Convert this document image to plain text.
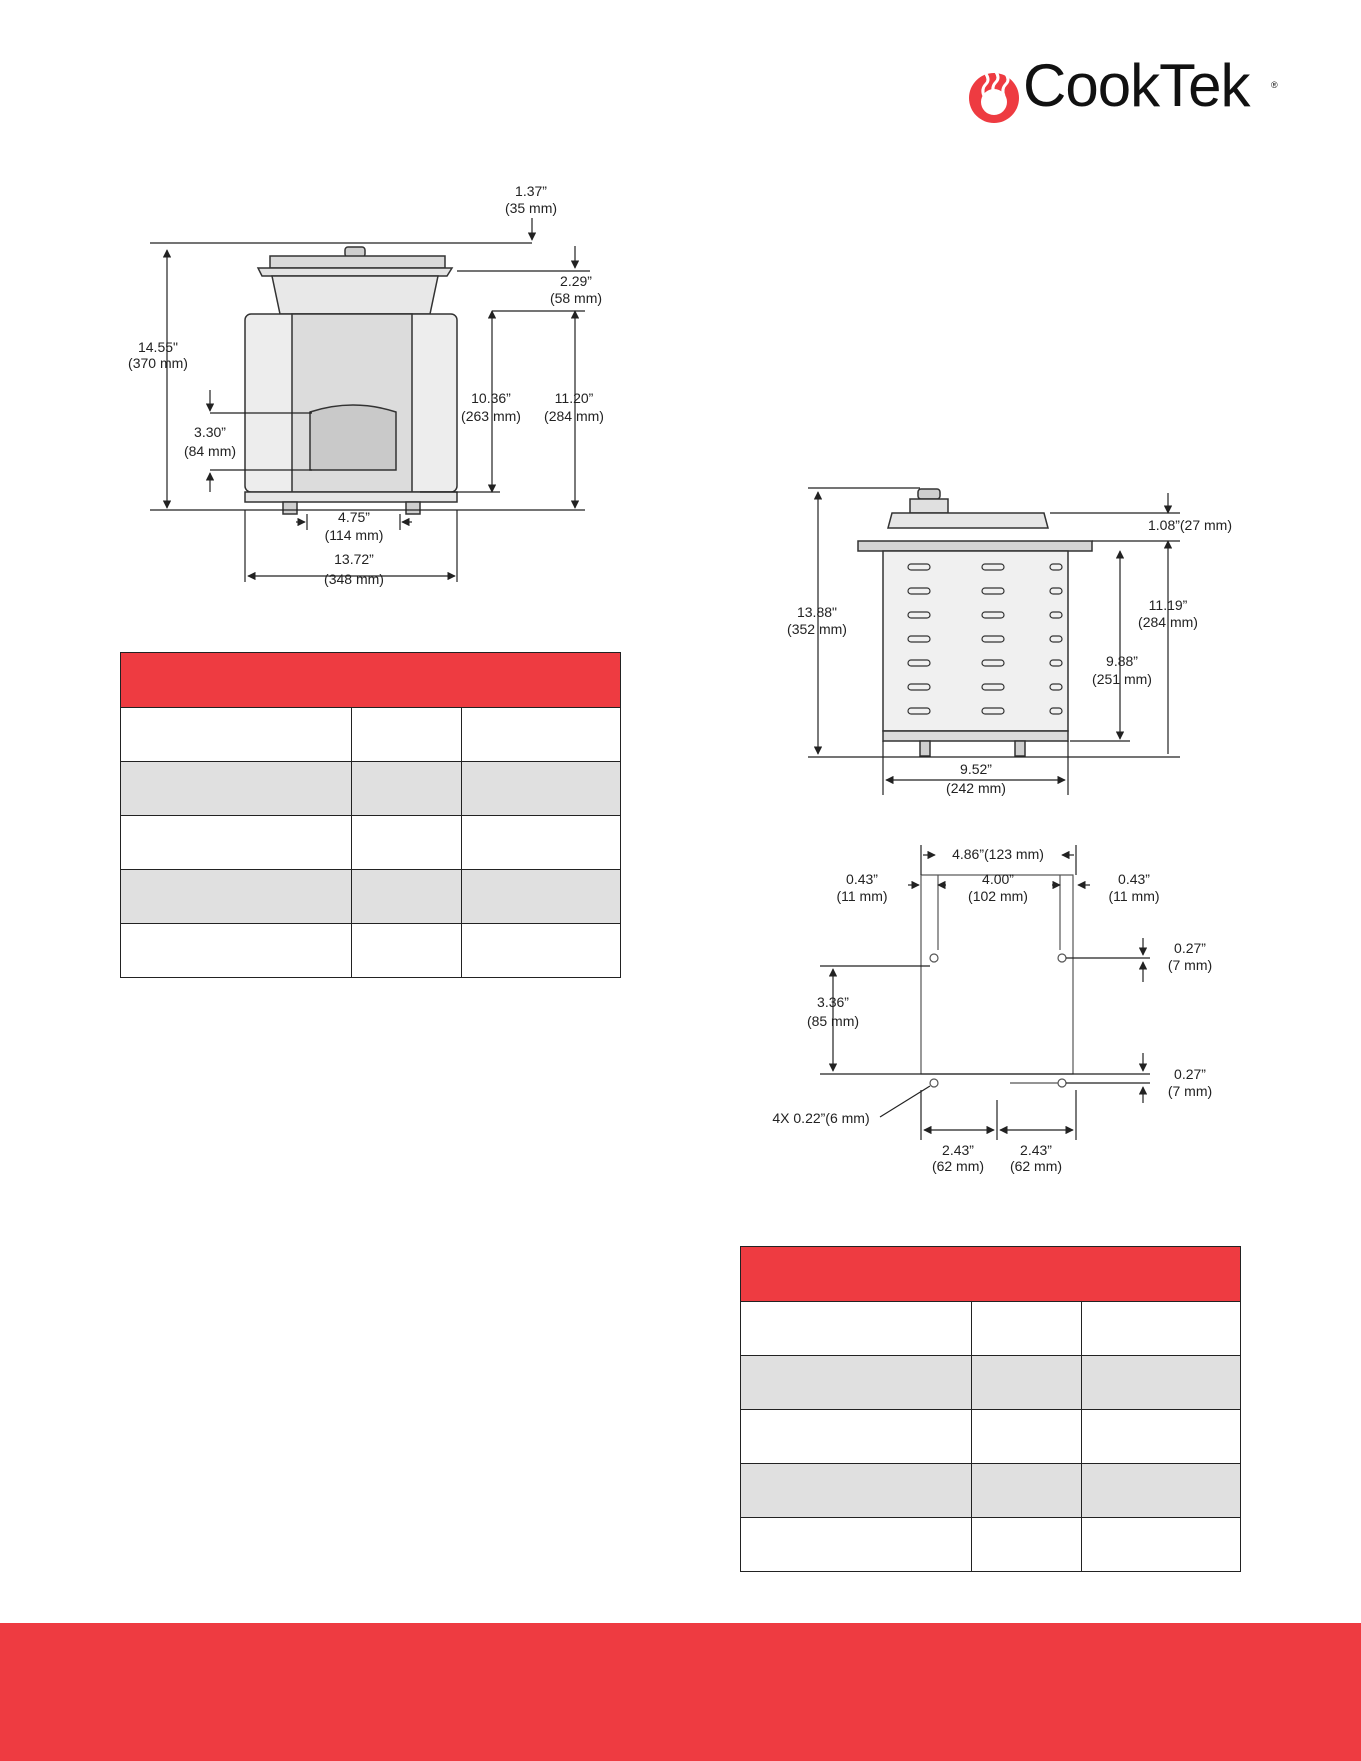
CookTek ®
1.37”
(35 mm)
2.29”
(58 mm)
14.55"
(370 mm)
10.36”
(263 mm)
11.20”
(284 mm)
3.30”
(84 mm)
4.75”
(114 mm)
13.72”
(348 mm)
1.08”(27 mm)
13.88"
(352 mm)
11.19”
(284 mm)
9.88”
(251 mm)
9.52”
(242 mm)
4.86”(123 mm)
0.43”
(11 mm)
4.00”
(102 mm)
0.43”
(11 mm)
0.27”
(7 mm)
3.36”
(85 mm)
0.27”
(7 mm)
4X 0.22”(6 mm)
2.43”
(62 mm)
2.43”
(62 mm)
